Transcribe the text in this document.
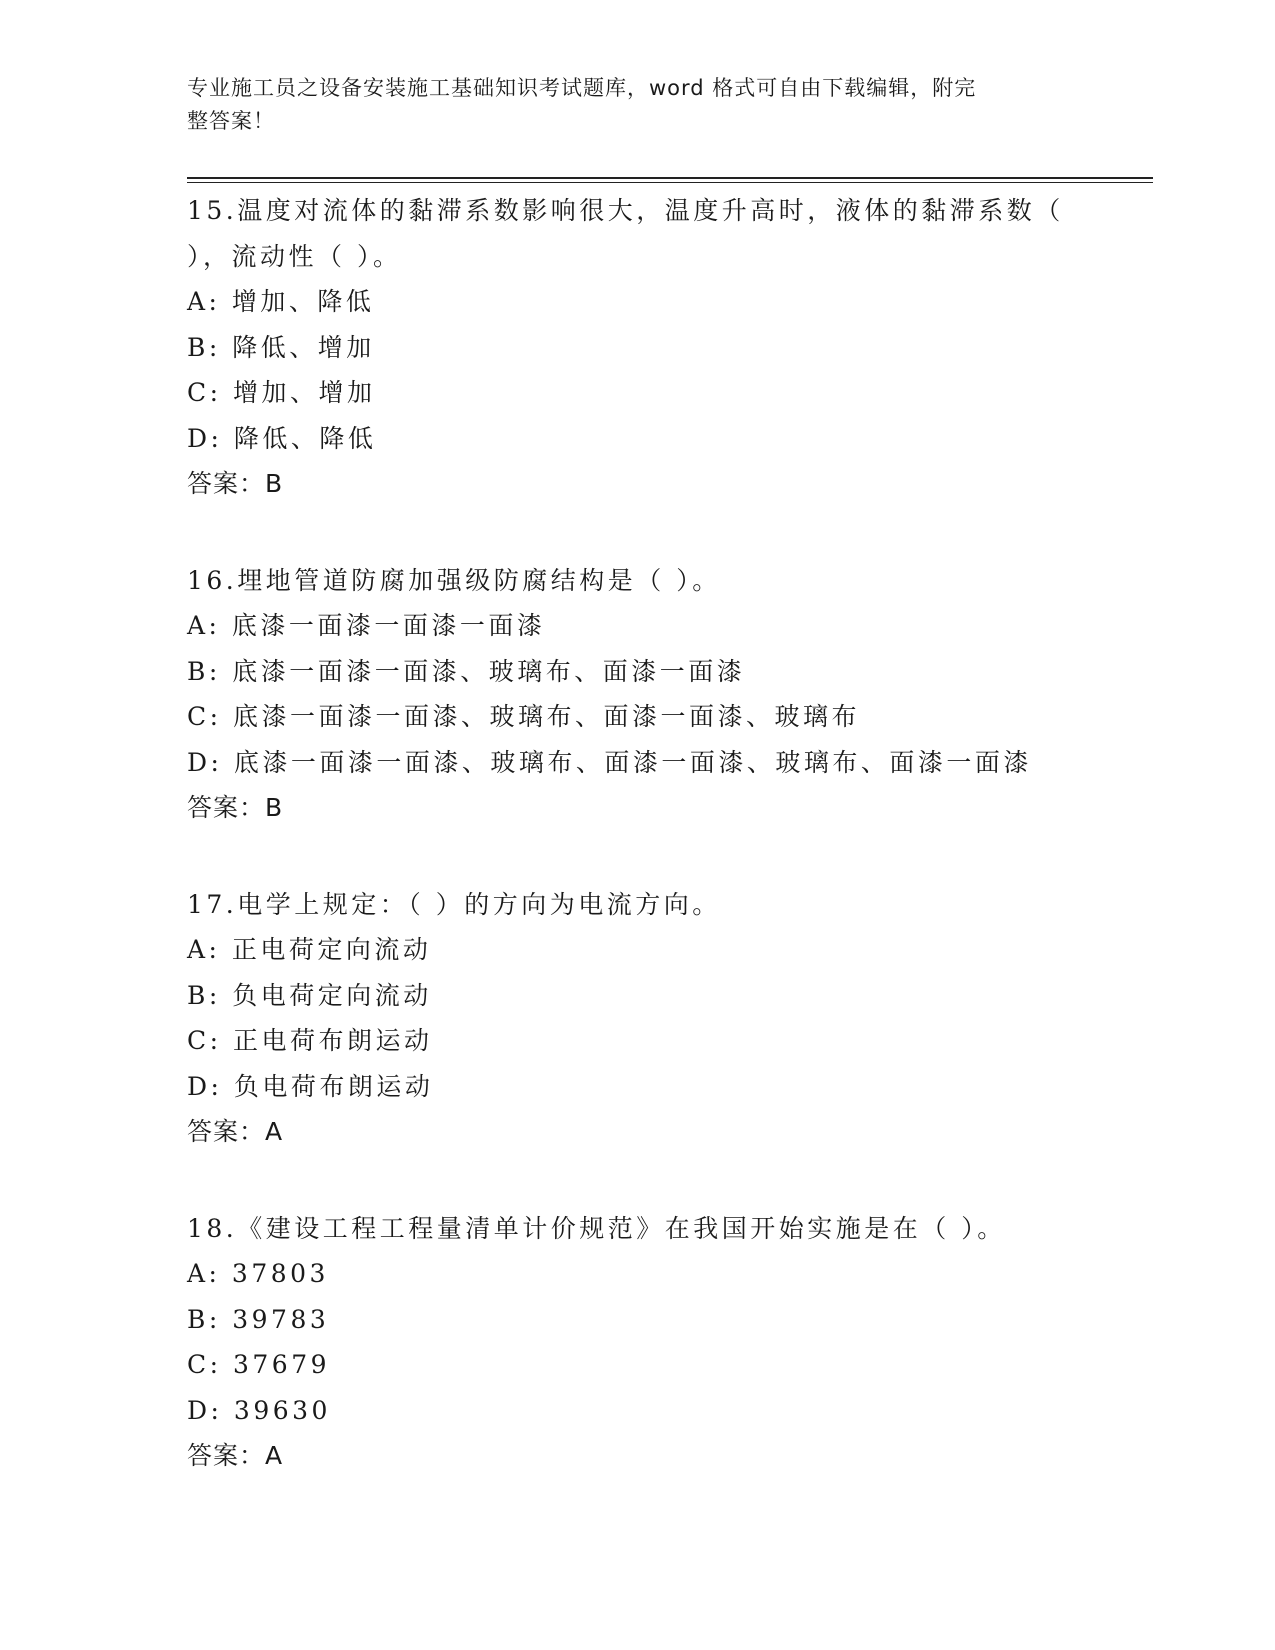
专业施工员之设备安装施工基础知识考试题库，word 格式可自由下载编辑，附完
整答案！
15.温度对流体的黏滞系数影响很大，温度升高时，液体的黏滞系数（
），流动性（ ）。
A: 增加、降低
B: 降低、增加
C: 增加、增加
D: 降低、降低
答案：B
16.埋地管道防腐加强级防腐结构是（ ）。
A: 底漆一面漆一面漆一面漆
B: 底漆一面漆一面漆、玻璃布、面漆一面漆
C: 底漆一面漆一面漆、玻璃布、面漆一面漆、玻璃布
D: 底漆一面漆一面漆、玻璃布、面漆一面漆、玻璃布、面漆一面漆
答案：B
17.电学上规定：（ ）的方向为电流方向。
A: 正电荷定向流动
B: 负电荷定向流动
C: 正电荷布朗运动
D: 负电荷布朗运动
答案：A
18.《建设工程工程量清单计价规范》在我国开始实施是在（ ）。
A: 37803
B: 39783
C: 37679
D: 39630
答案：A
